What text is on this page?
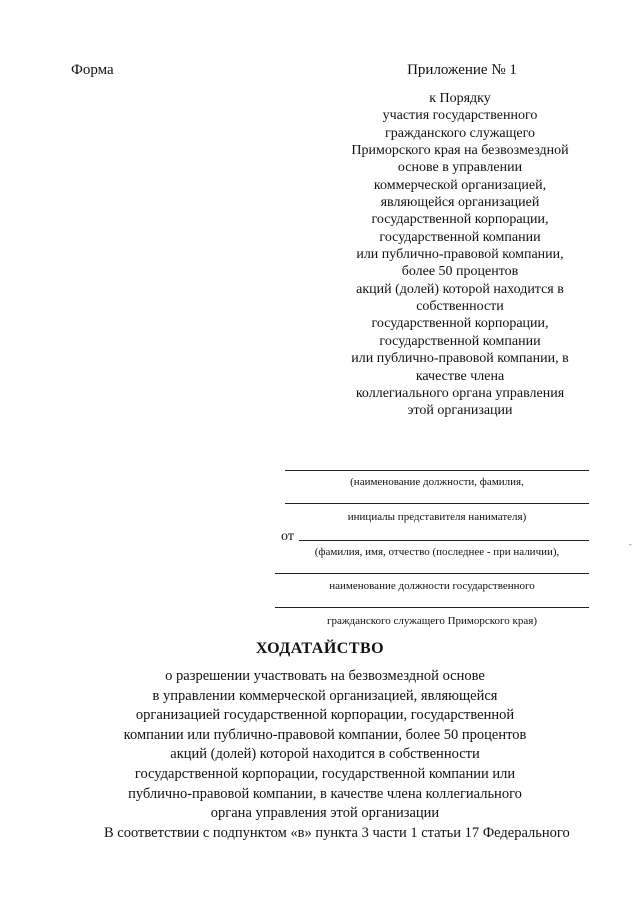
Форма	Приложение № 1
к Порядку
участия государственного
гражданского служащего
Приморского края на безвозмездной
основе в управлении
коммерческой организацией,
являющейся организацией
государственной корпорации,
государственной компании
или публично-правовой компании,
более 50 процентов
акций (долей) которой находится в
собственности
государственной корпорации,
государственной компании
или публично-правовой компании, в
качестве члена
коллегиального органа управления
этой организации
(наименование должности, фамилия,
инициалы представителя нанимателя)
от
(фамилия, имя, отчество (последнее - при наличии),
наименование должности государственного
гражданского служащего Приморского края)
ХОДАТАЙСТВО
о разрешении участвовать на безвозмездной основе
в управлении коммерческой организацией, являющейся
организацией государственной корпорации, государственной
компании или публично-правовой компании, более 50 процентов
акций (долей) которой находится в собственности
государственной корпорации, государственной компании или
публично-правовой компании, в качестве члена коллегиального
органа управления этой организации
В соответствии с подпунктом «в» пункта 3 части 1 статьи 17 Федерального
-
